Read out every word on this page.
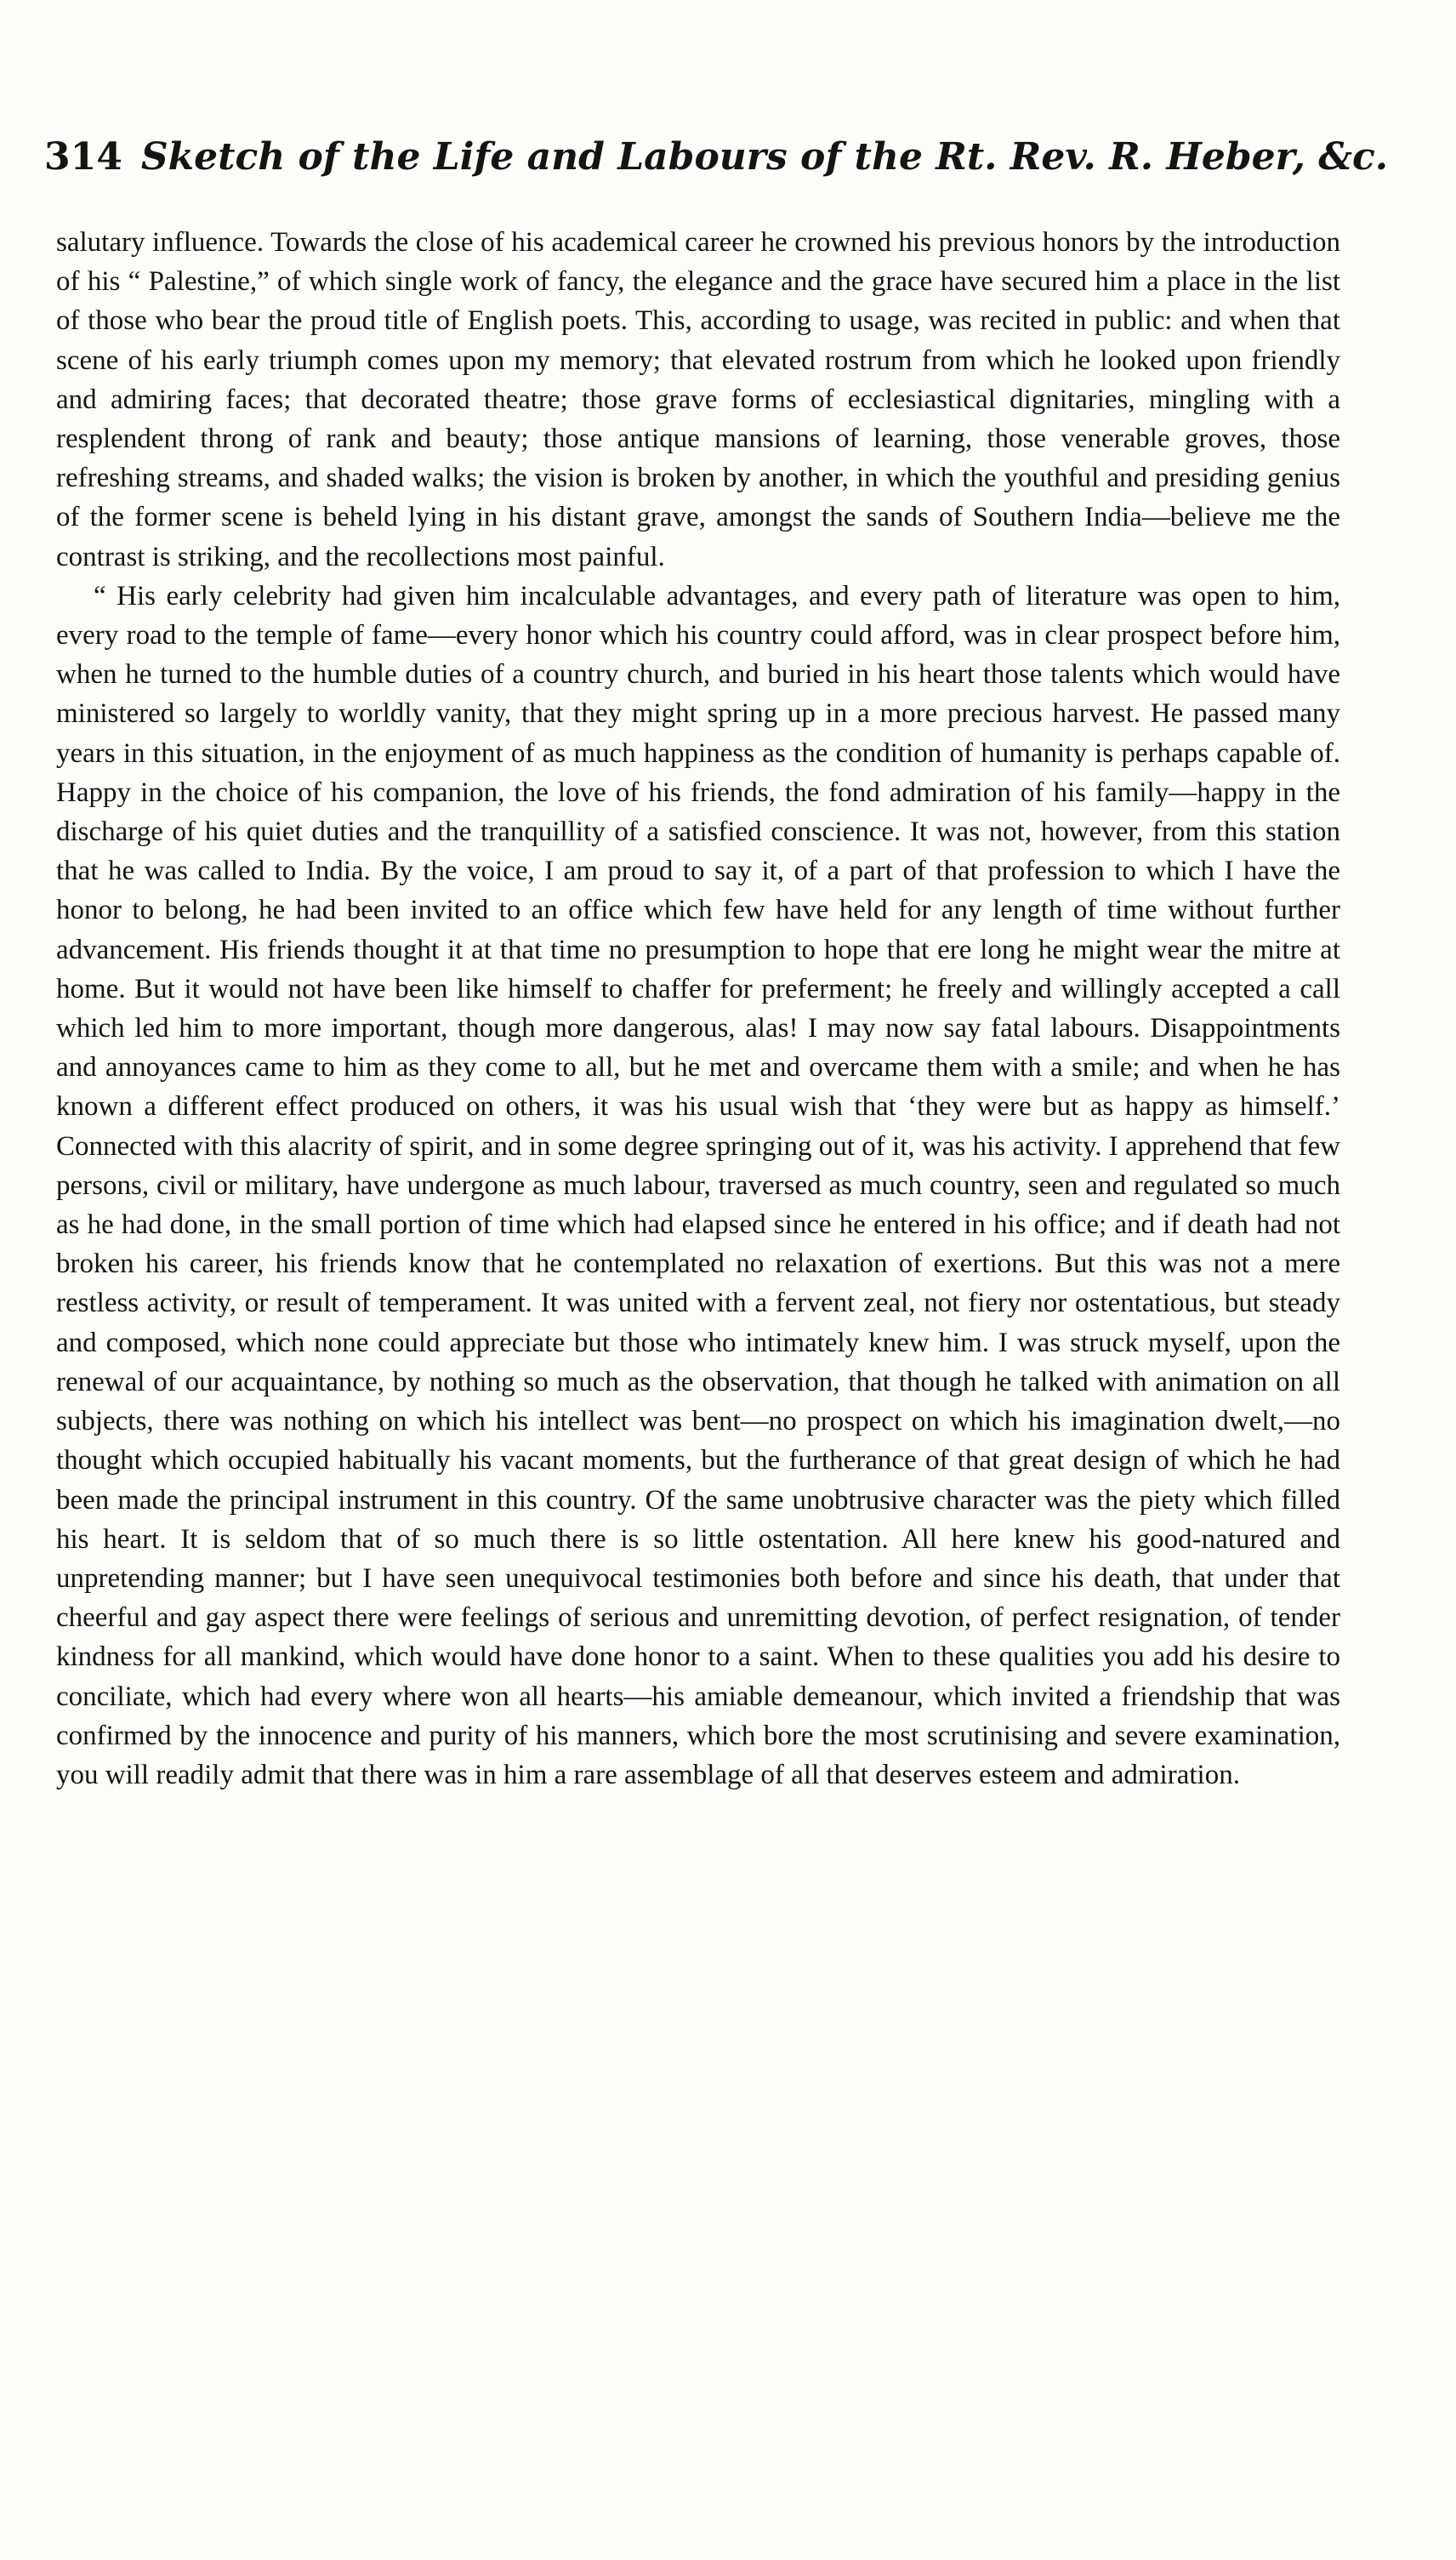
314 Sketch of the Life and Labours of the Rt. Rev. R. Heber, &c.

salutary influence. Towards the close of his academical career he crowned his previous honors by the introduction of his “ Palestine,” of which single work of fancy, the elegance and the grace have secured him a place in the list of those who bear the proud title of English poets. This, according to usage, was recited in public: and when that scene of his early triumph comes upon my memory; that elevated rostrum from which he looked upon friendly and admiring faces; that decorated theatre; those grave forms of ecclesiastical dignitaries, mingling with a resplendent throng of rank and beauty; those antique mansions of learning, those venerable groves, those refreshing streams, and shaded walks; the vision is broken by another, in which the youthful and presiding genius of the former scene is beheld lying in his distant grave, amongst the sands of Southern India—believe me the contrast is striking, and the recollections most painful.

“ His early celebrity had given him incalculable advantages, and every path of literature was open to him, every road to the temple of fame—every honor which his country could afford, was in clear prospect before him, when he turned to the humble duties of a country church, and buried in his heart those talents which would have ministered so largely to worldly vanity, that they might spring up in a more precious harvest. He passed many years in this situation, in the enjoyment of as much happiness as the condition of humanity is perhaps capable of. Happy in the choice of his companion, the love of his friends, the fond admiration of his family—happy in the discharge of his quiet duties and the tranquillity of a satisfied conscience. It was not, however, from this station that he was called to India. By the voice, I am proud to say it, of a part of that profession to which I have the honor to belong, he had been invited to an office which few have held for any length of time without further advancement. His friends thought it at that time no presumption to hope that ere long he might wear the mitre at home. But it would not have been like himself to chaffer for preferment; he freely and willingly accepted a call which led him to more important, though more dangerous, alas! I may now say fatal labours. Disappointments and annoyances came to him as they come to all, but he met and overcame them with a smile; and when he has known a different effect produced on others, it was his usual wish that ‘they were but as happy as himself.’ Connected with this alacrity of spirit, and in some degree springing out of it, was his activity. I apprehend that few persons, civil or military, have undergone as much labour, traversed as much country, seen and regulated so much as he had done, in the small portion of time which had elapsed since he entered in his office; and if death had not broken his career, his friends know that he contemplated no relaxation of exertions. But this was not a mere restless activity, or result of temperament. It was united with a fervent zeal, not fiery nor ostentatious, but steady and composed, which none could appreciate but those who intimately knew him. I was struck myself, upon the renewal of our acquaintance, by nothing so much as the observation, that though he talked with animation on all subjects, there was nothing on which his intellect was bent—no prospect on which his imagination dwelt,—no thought which occupied habitually his vacant moments, but the furtherance of that great design of which he had been made the principal instrument in this country. Of the same unobtrusive character was the piety which filled his heart. It is seldom that of so much there is so little ostentation. All here knew his good-natured and unpretending manner; but I have seen unequivocal testimonies both before and since his death, that under that cheerful and gay aspect there were feelings of serious and unremitting devotion, of perfect resignation, of tender kindness for all mankind, which would have done honor to a saint. When to these qualities you add his desire to conciliate, which had every where won all hearts—his amiable demeanour, which invited a friendship that was confirmed by the innocence and purity of his manners, which bore the most scrutinising and severe examination, you will readily admit that there was in him a rare assemblage of all that deserves esteem and admiration.
